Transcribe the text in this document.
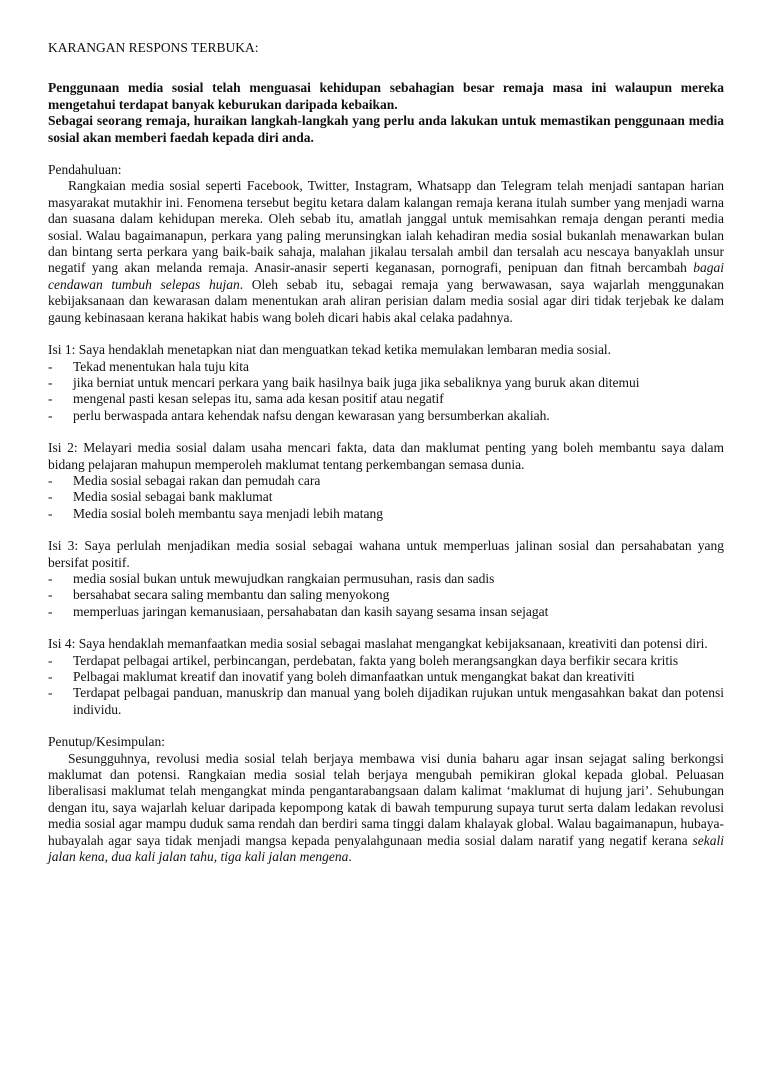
KARANGAN RESPONS TERBUKA:

Penggunaan media sosial telah menguasai kehidupan sebahagian besar remaja masa ini walaupun mereka mengetahui terdapat banyak keburukan daripada kebaikan.

Sebagai seorang remaja, huraikan langkah-langkah yang perlu anda lakukan untuk memastikan penggunaan media sosial akan memberi faedah kepada diri anda.

Pendahuluan:

Rangkaian media sosial seperti Facebook, Twitter, Instagram, Whatsapp dan Telegram telah menjadi santapan harian masyarakat mutakhir ini. Fenomena tersebut begitu ketara dalam kalangan remaja kerana itulah sumber yang menjadi warna dan suasana dalam kehidupan mereka. Oleh sebab itu, amatlah janggal untuk memisahkan remaja dengan peranti media sosial. Walau bagaimanapun, perkara yang paling merunsingkan ialah kehadiran media sosial bukanlah menawarkan bulan dan bintang serta perkara yang baik-baik sahaja, malahan jikalau tersalah ambil dan tersalah acu nescaya banyaklah unsur negatif yang akan melanda remaja. Anasir-anasir seperti keganasan, pornografi, penipuan dan fitnah bercambah bagai cendawan tumbuh selepas hujan. Oleh sebab itu, sebagai remaja yang berwawasan, saya wajarlah menggunakan kebijaksanaan dan kewarasan dalam menentukan arah aliran perisian dalam media sosial agar diri tidak terjebak ke dalam gaung kebinasaan kerana hakikat habis wang boleh dicari habis akal celaka padahnya.

Isi 1: Saya hendaklah menetapkan niat dan menguatkan tekad ketika memulakan lembaran media sosial.

- Tekad menentukan hala tuju kita
- jika berniat untuk mencari perkara yang baik hasilnya baik juga jika sebaliknya yang buruk akan ditemui
- mengenal pasti kesan selepas itu, sama ada kesan positif atau negatif
- perlu berwaspada antara kehendak nafsu dengan kewarasan yang bersumberkan akaliah.

Isi 2: Melayari media sosial dalam usaha mencari fakta, data dan maklumat penting yang boleh membantu saya dalam bidang pelajaran mahupun memperoleh maklumat tentang perkembangan semasa dunia.

- Media sosial sebagai rakan dan pemudah cara
- Media sosial sebagai bank maklumat
- Media sosial boleh membantu saya menjadi lebih matang

Isi 3: Saya perlulah menjadikan media sosial sebagai wahana untuk memperluas jalinan sosial dan persahabatan yang bersifat positif.

- media sosial bukan untuk mewujudkan rangkaian permusuhan, rasis dan sadis
- bersahabat secara saling membantu dan saling menyokong
- memperluas jaringan kemanusiaan, persahabatan dan kasih sayang sesama insan sejagat

Isi 4: Saya hendaklah memanfaatkan media sosial sebagai maslahat mengangkat kebijaksanaan, kreativiti dan potensi diri.

- Terdapat pelbagai artikel, perbincangan, perdebatan, fakta yang boleh merangsangkan daya berfikir secara kritis
- Pelbagai maklumat kreatif dan inovatif yang boleh dimanfaatkan untuk mengangkat bakat dan kreativiti
- Terdapat pelbagai panduan, manuskrip dan manual yang boleh dijadikan rujukan untuk mengasahkan bakat dan potensi individu.
Penutup/Kesimpulan:

Sesungguhnya, revolusi media sosial telah berjaya membawa visi dunia baharu agar insan sejagat saling berkongsi maklumat dan potensi. Rangkaian media sosial telah berjaya mengubah pemikiran glokal kepada global. Peluasan liberalisasi maklumat telah mengangkat minda pengantarabangsaan dalam kalimat ‘maklumat di hujung jari’. Sehubungan dengan itu, saya wajarlah keluar daripada kepompong katak di bawah tempurung supaya turut serta dalam ledakan revolusi media sosial agar mampu duduk sama rendah dan berdiri sama tinggi dalam khalayak global. Walau bagaimanapun, hubaya-hubayalah agar saya tidak menjadi mangsa kepada penyalahgunaan media sosial dalam naratif yang negatif kerana sekali jalan kena, dua kali jalan tahu, tiga kali jalan mengena.
